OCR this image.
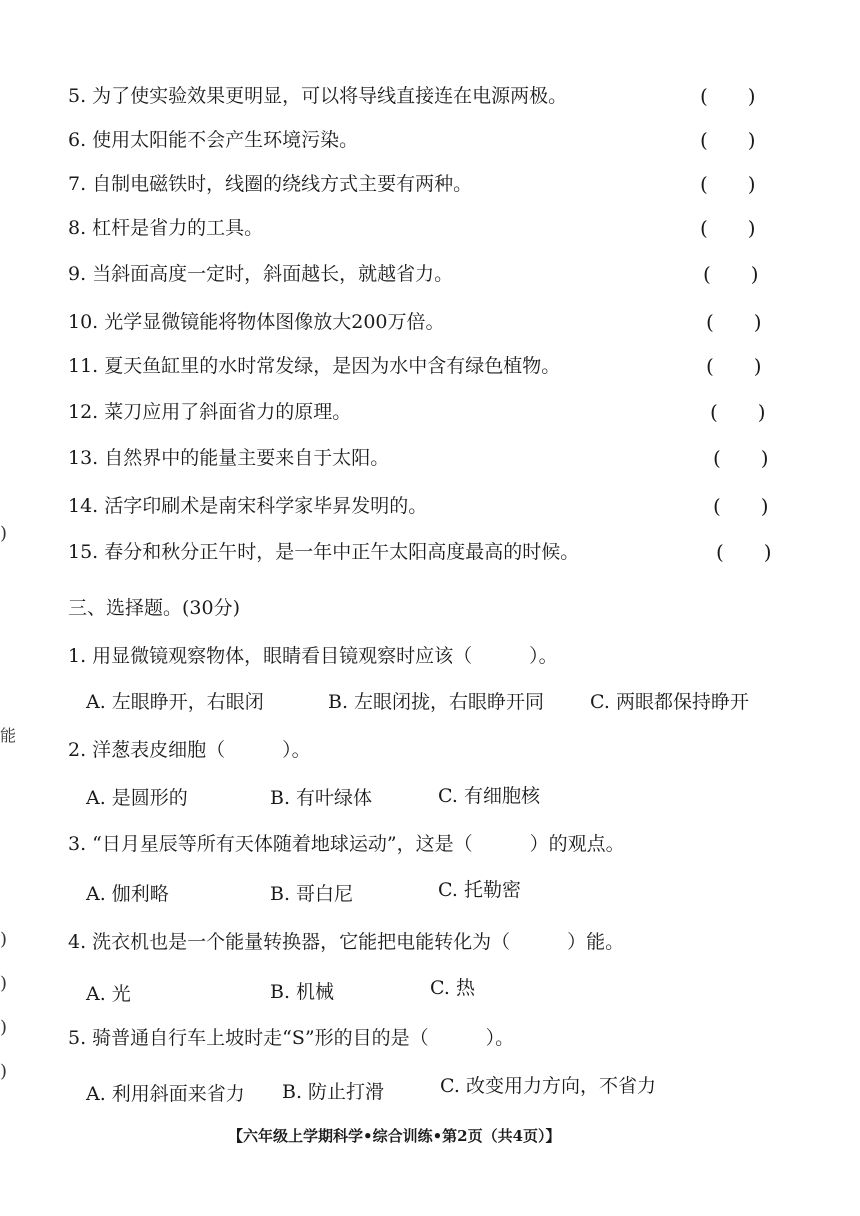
5. 为了使实验效果更明显，可以将导线直接连在电源两极。	(　　)
6. 使用太阳能不会产生环境污染。	(　　)
7. 自制电磁铁时，线圈的绕线方式主要有两种。	(　　)
8. 杠杆是省力的工具。	(　　)
9. 当斜面高度一定时，斜面越长，就越省力。	(　　)
10. 光学显微镜能将物体图像放大200万倍。	(　　)
11. 夏天鱼缸里的水时常发绿，是因为水中含有绿色植物。	(　　)
12. 菜刀应用了斜面省力的原理。	(　　)
13. 自然界中的能量主要来自于太阳。	(　　)
14. 活字印刷术是南宋科学家毕昇发明的。	(　　)
15. 春分和秋分正午时，是一年中正午太阳高度最高的时候。	(　　)
三、选择题。(30分)
1. 用显微镜观察物体，眼睛看目镜观察时应该（　　　）。
A. 左眼睁开，右眼闭	B. 左眼闭拢，右眼睁开同 C. 两眼都保持睁开
2. 洋葱表皮细胞（　　　）。
A. 是圆形的	B. 有叶绿体	C. 有细胞核
3. “日月星辰等所有天体随着地球运动”，这是（　　　）的观点。
A. 伽利略	B. 哥白尼	C. 托勒密
4. 洗衣机也是一个能量转换器，它能把电能转化为（　　　）能。
A. 光	B. 机械	C. 热
5. 骑普通自行车上坡时走“S”形的目的是（　　　）。
A. 利用斜面来省力 B. 防止打滑	C. 改变用力方向，不省力
【六年级上学期科学•综合训练•第2页（共4页）】
)
能
)
)
)
)
